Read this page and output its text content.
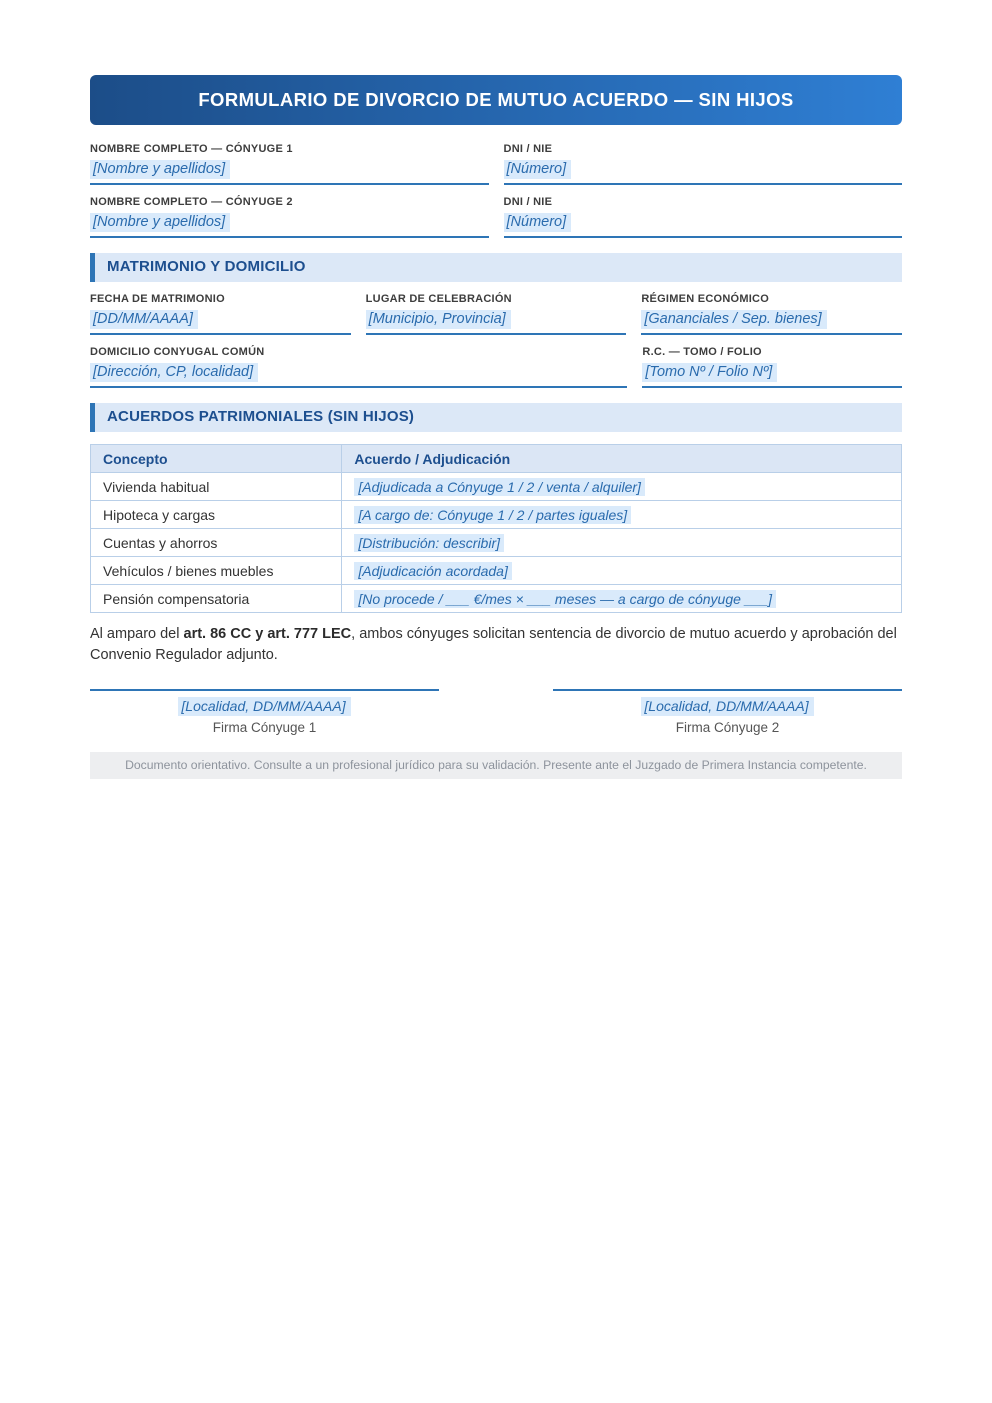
FORMULARIO DE DIVORCIO DE MUTUO ACUERDO — SIN HIJOS
NOMBRE COMPLETO — CÓNYUGE 1
[Nombre y apellidos]
DNI / NIE
[Número]
NOMBRE COMPLETO — CÓNYUGE 2
[Nombre y apellidos]
DNI / NIE
[Número]
MATRIMONIO Y DOMICILIO
FECHA DE MATRIMONIO
[DD/MM/AAAA]
LUGAR DE CELEBRACIÓN
[Municipio, Provincia]
RÉGIMEN ECONÓMICO
[Gananciales / Sep. bienes]
DOMICILIO CONYUGAL COMÚN
[Dirección, CP, localidad]
R.C. — TOMO / FOLIO
[Tomo Nº / Folio Nº]
ACUERDOS PATRIMONIALES (SIN HIJOS)
Concepto	Acuerdo / Adjudicación
Vivienda habitual	[Adjudicada a Cónyuge 1 / 2 / venta / alquiler]
Hipoteca y cargas	[A cargo de: Cónyuge 1 / 2 / partes iguales]
Cuentas y ahorros	[Distribución: describir]
Vehículos / bienes muebles	[Adjudicación acordada]
Pensión compensatoria	[No procede / ___ €/mes × ___ meses — a cargo de cónyuge ___]

Al amparo del art. 86 CC y art. 777 LEC, ambos cónyuges solicitan sentencia de divorcio de mutuo acuerdo y aprobación del Convenio Regulador adjunto.

[Localidad, DD/MM/AAAA]
Firma Cónyuge 1
[Localidad, DD/MM/AAAA]
Firma Cónyuge 2
Documento orientativo. Consulte a un profesional jurídico para su validación. Presente ante el Juzgado de Primera Instancia competente.
